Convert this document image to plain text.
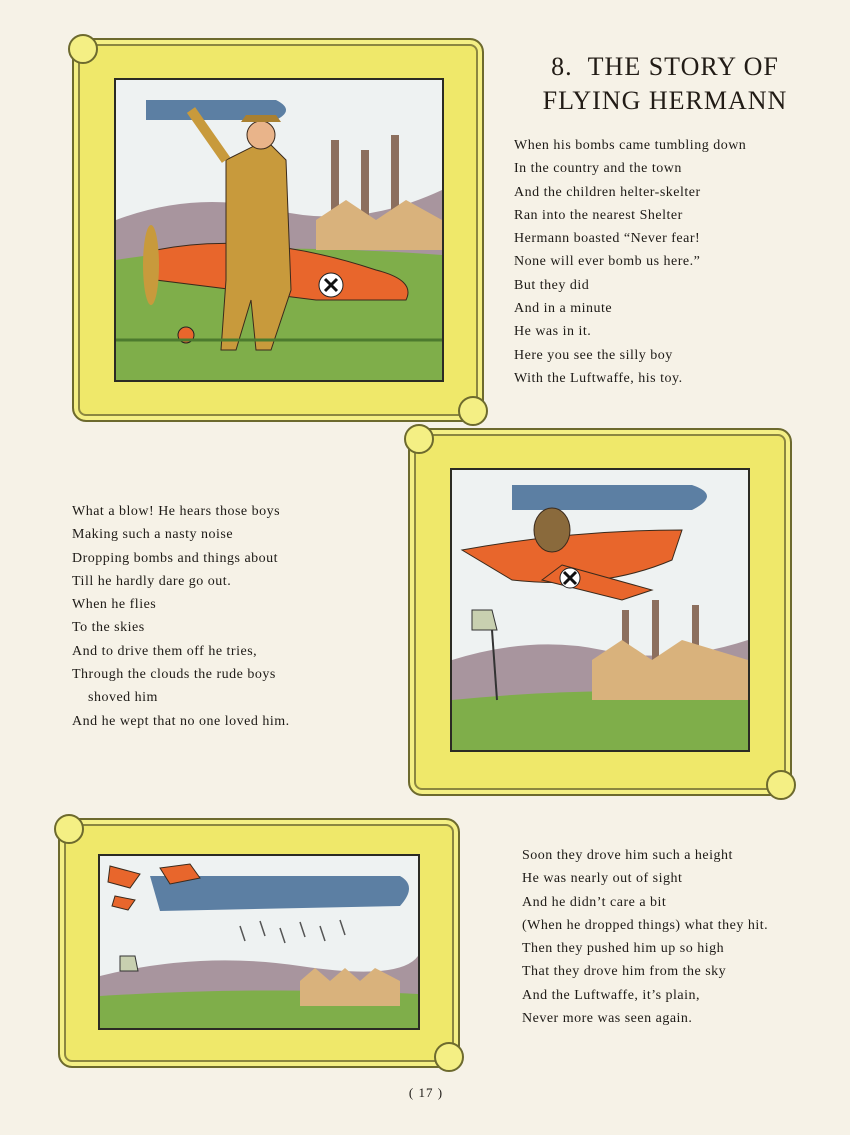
8. THE STORY OF
FLYING HERMANN
When his bombs came tumbling down
In the country and the town
And the children helter-skelter
Ran into the nearest Shelter
Hermann boasted “Never fear!
None will ever bomb us here.”
But they did
And in a minute
He was in it.
Here you see the silly boy
With the Luftwaffe, his toy.
What a blow! He hears those boys
Making such a nasty noise
Dropping bombs and things about
Till he hardly dare go out.
When he flies
To the skies
And to drive them off he tries,
Through the clouds the rude boys
shoved him
And he wept that no one loved him.
Soon they drove him such a height
He was nearly out of sight
And he didn’t care a bit
(When he dropped things) what they hit.
Then they pushed him up so high
That they drove him from the sky
And the Luftwaffe, it’s plain,
Never more was seen again.
( 17 )
